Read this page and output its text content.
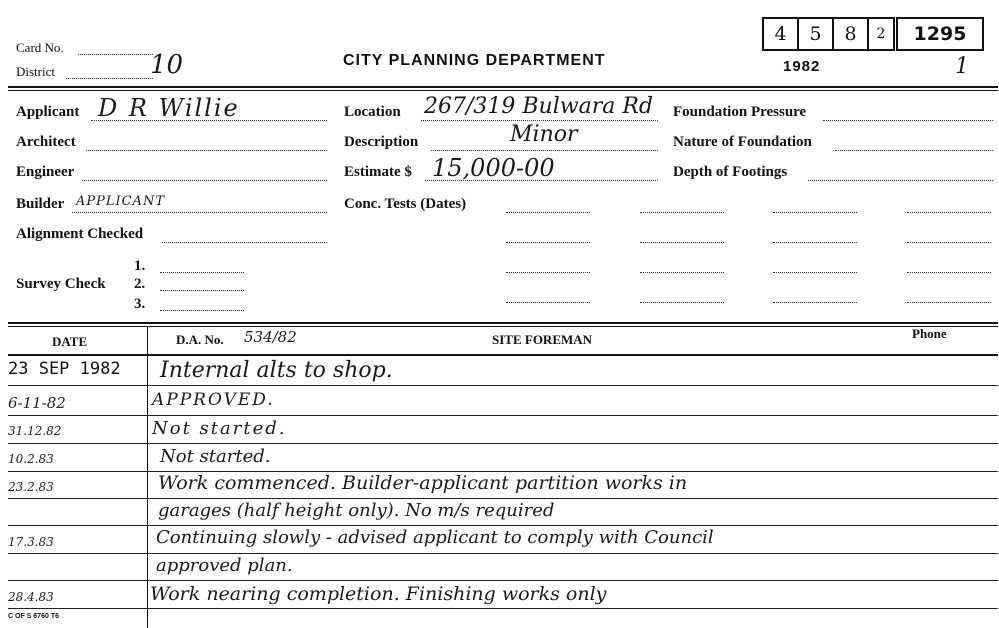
Card No.
District	10	CITY PLANNING DEPARTMENT
4 5 8 2 1295
1982	1
Applicant D R Willie
Architect
Engineer
Builder APPLICANT
Alignment Checked
Survey Check
1.
2.
3.
Location 267/319 Bulwara Rd
Description	Minor
Estimate $ 15,000-00
Conc. Tests (Dates)
Foundation Pressure
Nature of Foundation
Depth of Footings
DATE	D.A. No. 534/82	SITE FOREMAN	Phone
23 SEP 1982 Internal alts to shop.
6-11-82	APPROVED.
31.12.82	Not started.
10.2.83	Not started.
23.2.83	Work commenced. Builder-applicant partition works in
garages (half height only). No m/s required
17.3.83	Continuing slowly - advised applicant to comply with Council
approved plan.
28.4.83	Work nearing completion. Finishing works only
C OF S 6760 T6
